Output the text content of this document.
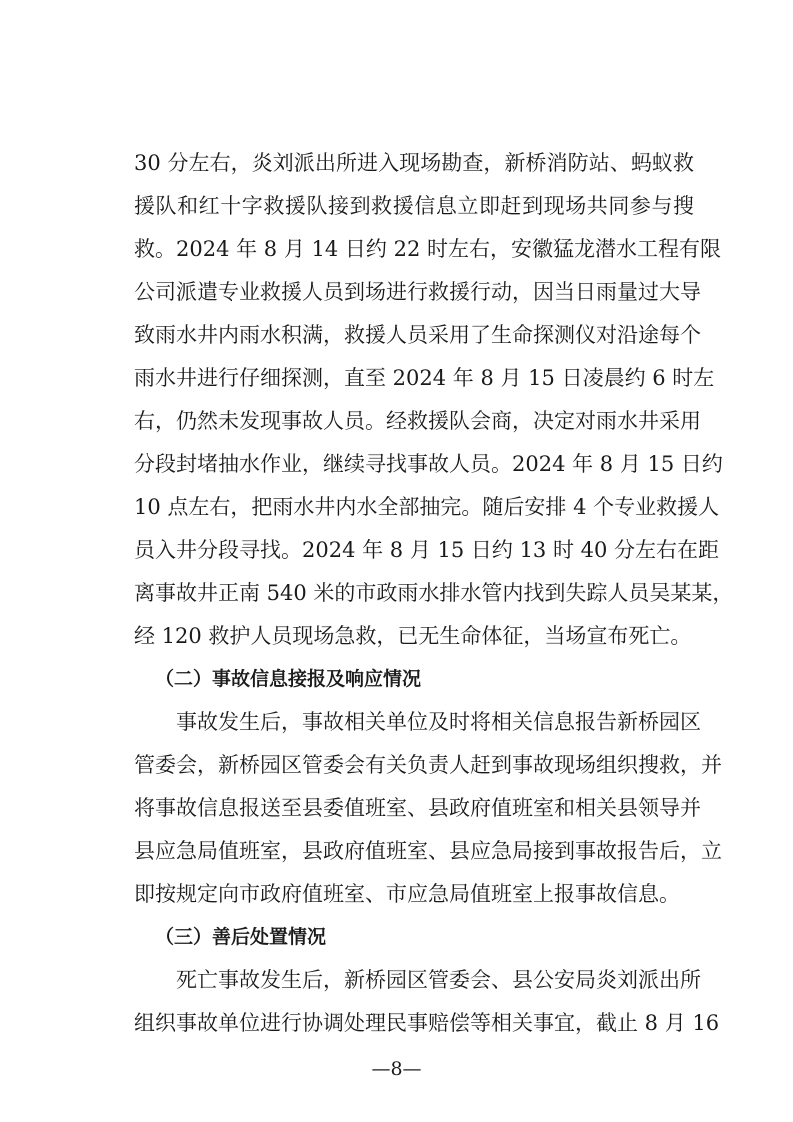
30 分左右，炎刘派出所进入现场勘查，新桥消防站、蚂蚁救
援队和红十字救援队接到救援信息立即赶到现场共同参与搜
救。2024 年 8 月 14 日约 22 时左右，安徽猛龙潜水工程有限
公司派遣专业救援人员到场进行救援行动，因当日雨量过大导
致雨水井内雨水积满，救援人员采用了生命探测仪对沿途每个
雨水井进行仔细探测，直至 2024 年 8 月 15 日凌晨约 6 时左
右，仍然未发现事故人员。经救援队会商，决定对雨水井采用
分段封堵抽水作业，继续寻找事故人员。2024 年 8 月 15 日约
10 点左右，把雨水井内水全部抽完。随后安排 4 个专业救援人
员入井分段寻找。2024 年 8 月 15 日约 13 时 40 分左右在距
离事故井正南 540 米的市政雨水排水管内找到失踪人员吴某某，
经 120 救护人员现场急救，已无生命体征，当场宣布死亡。
（二）事故信息接报及响应情况
事故发生后，事故相关单位及时将相关信息报告新桥园区
管委会，新桥园区管委会有关负责人赶到事故现场组织搜救，并
将事故信息报送至县委值班室、县政府值班室和相关县领导并
县应急局值班室，县政府值班室、县应急局接到事故报告后，立
即按规定向市政府值班室、市应急局值班室上报事故信息。
（三）善后处置情况
死亡事故发生后，新桥园区管委会、县公安局炎刘派出所
组织事故单位进行协调处理民事赔偿等相关事宜，截止 8 月 16
—8—
